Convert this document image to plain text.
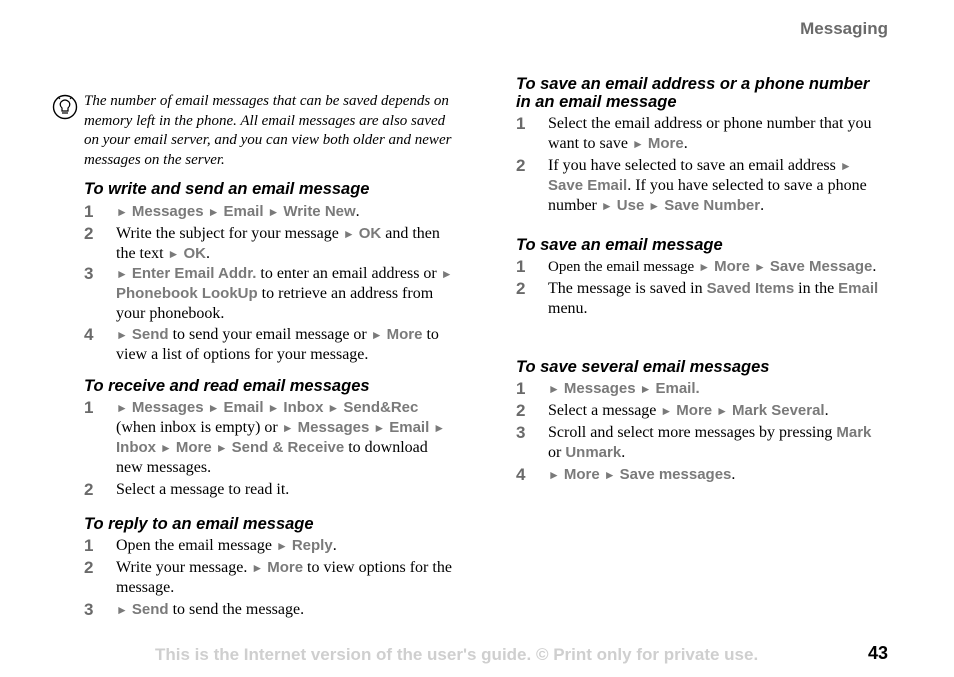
Messaging
The number of email messages that can be saved depends on memory left in the phone. All email messages are also saved on your email server, and you can view both older and newer messages on the server.
To write and send an email message
1 ► Messages ► Email ► Write New.
2 Write the subject for your message ► OK and then the text ► OK.
3 ► Enter Email Addr. to enter an email address or ► Phonebook LookUp to retrieve an address from your phonebook.
4 ► Send to send your email message or ► More to view a list of options for your message.
To receive and read email messages
1 ► Messages ► Email ► Inbox ► Send&Rec (when inbox is empty) or ► Messages ► Email ► Inbox ► More ► Send & Receive to download new messages.
2 Select a message to read it.
To reply to an email message
1 Open the email message ► Reply.
2 Write your message. ► More to view options for the message.
3 ► Send to send the message.
To save an email address or a phone number in an email message
1 Select the email address or phone number that you want to save ► More.
2 If you have selected to save an email address ► Save Email. If you have selected to save a phone number ► Use ► Save Number.
To save an email message
1 Open the email message ► More ► Save Message.
2 The message is saved in Saved Items in the Email menu.
To save several email messages
1 ► Messages ► Email.
2 Select a message ► More ► Mark Several.
3 Scroll and select more messages by pressing Mark or Unmark.
4 ► More ► Save messages.
This is the Internet version of the user's guide. © Print only for private use.	43
